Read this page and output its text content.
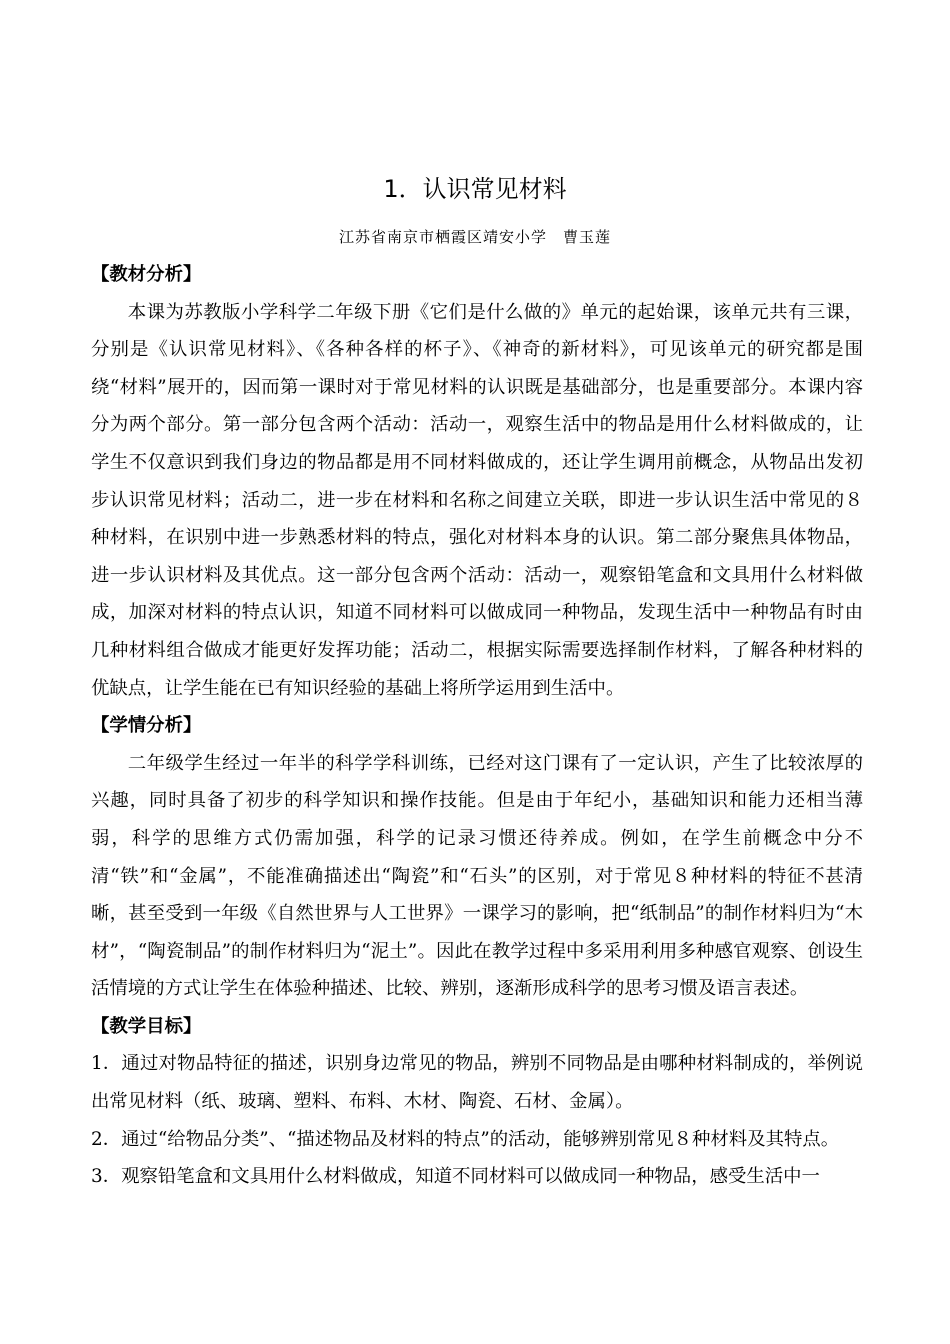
1．认识常见材料
江苏省南京市栖霞区靖安小学　曹玉莲

【教材分析】

本课为苏教版小学科学二年级下册《它们是什么做的》单元的起始课，该单元共有三课，分别是《认识常见材料》、《各种各样的杯子》、《神奇的新材料》，可见该单元的研究都是围绕“材料”展开的，因而第一课时对于常见材料的认识既是基础部分，也是重要部分。本课内容分为两个部分。第一部分包含两个活动：活动一，观察生活中的物品是用什么材料做成的，让学生不仅意识到我们身边的物品都是用不同材料做成的，还让学生调用前概念，从物品出发初步认识常见材料；活动二，进一步在材料和名称之间建立关联，即进一步认识生活中常见的８种材料，在识别中进一步熟悉材料的特点，强化对材料本身的认识。第二部分聚焦具体物品，进一步认识材料及其优点。这一部分包含两个活动：活动一，观察铅笔盒和文具用什么材料做成，加深对材料的特点认识，知道不同材料可以做成同一种物品，发现生活中一种物品有时由几种材料组合做成才能更好发挥功能；活动二，根据实际需要选择制作材料，了解各种材料的优缺点，让学生能在已有知识经验的基础上将所学运用到生活中。

【学情分析】

二年级学生经过一年半的科学学科训练，已经对这门课有了一定认识，产生了比较浓厚的兴趣，同时具备了初步的科学知识和操作技能。但是由于年纪小，基础知识和能力还相当薄弱，科学的思维方式仍需加强，科学的记录习惯还待养成。例如，在学生前概念中分不清“铁”和“金属”，不能准确描述出“陶瓷”和“石头”的区别，对于常见８种材料的特征不甚清晰，甚至受到一年级《自然世界与人工世界》一课学习的影响，把“纸制品”的制作材料归为“木材”，“陶瓷制品”的制作材料归为“泥土”。因此在教学过程中多采用利用多种感官观察、创设生活情境的方式让学生在体验种描述、比较、辨别，逐渐形成科学的思考习惯及语言表述。

【教学目标】

1．通过对物品特征的描述，识别身边常见的物品，辨别不同物品是由哪种材料制成的，举例说出常见材料（纸、玻璃、塑料、布料、木材、陶瓷、石材、金属）。

2．通过“给物品分类”、“描述物品及材料的特点”的活动，能够辨别常见８种材料及其特点。

3．观察铅笔盒和文具用什么材料做成，知道不同材料可以做成同一种物品，感受生活中一
